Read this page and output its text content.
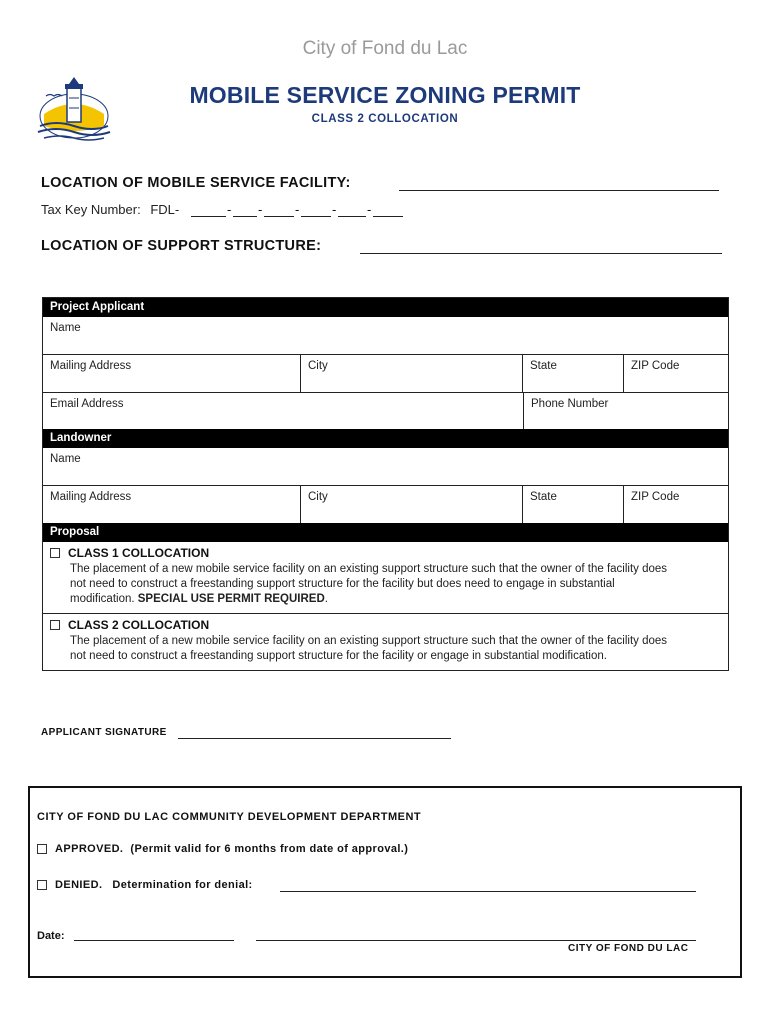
City of Fond du Lac
MOBILE SERVICE ZONING PERMIT
CLASS 2 COLLOCATION
LOCATION OF MOBILE SERVICE FACILITY:
Tax Key Number: FDL-	- -	-	- -
LOCATION OF SUPPORT STRUCTURE:
Project Applicant
Name
Mailing Address	City	State	ZIP Code
Email Address	Phone Number
Landowner
Name
Mailing Address	City	State	ZIP Code
Proposal
CLASS 1 COLLOCATION
The placement of a new mobile service facility on an existing support structure such that the owner of the facility does
not need to construct a freestanding support structure for the facility but does need to engage in substantial
modification. SPECIAL USE PERMIT REQUIRED.
CLASS 2 COLLOCATION
The placement of a new mobile service facility on an existing support structure such that the owner of the facility does
not need to construct a freestanding support structure for the facility or engage in substantial modification.
APPLICANT SIGNATURE
CITY OF FOND DU LAC COMMUNITY DEVELOPMENT DEPARTMENT
APPROVED. (Permit valid for 6 months from date of approval.)
DENIED. Determination for denial:
Date:
CITY OF FOND DU LAC
